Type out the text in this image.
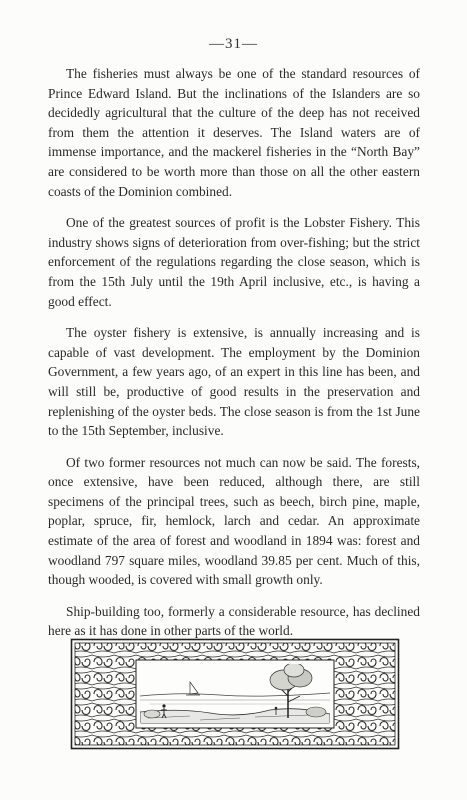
—31—

The fisheries must always be one of the standard resources of Prince Edward Island. But the inclinations of the Islanders are so decidedly agricultural that the culture of the deep has not received from them the attention it deserves. The Island waters are of immense importance, and the mackerel fisheries in the “North Bay” are considered to be worth more than those on all the other eastern coasts of the Dominion combined.

One of the greatest sources of profit is the Lobster Fishery. This industry shows signs of deterioration from over-fishing; but the strict enforcement of the regulations regarding the close season, which is from the 15th July until the 19th April inclusive, etc., is having a good effect.

The oyster fishery is extensive, is annually increasing and is capable of vast development. The employment by the Dominion Government, a few years ago, of an expert in this line has been, and will still be, productive of good results in the preservation and replenishing of the oyster beds. The close season is from the 1st June to the 15th September, inclusive.

Of two former resources not much can now be said. The forests, once extensive, have been reduced, although there, are still specimens of the principal trees, such as beech, birch pine, maple, poplar, spruce, fir, hemlock, larch and cedar. An approximate estimate of the area of forest and woodland in 1894 was: forest and woodland 797 square miles, woodland 39.85 per cent. Much of this, though wooded, is covered with small growth only.

Ship-building too, formerly a considerable resource, has declined here as it has done in other parts of the world.
